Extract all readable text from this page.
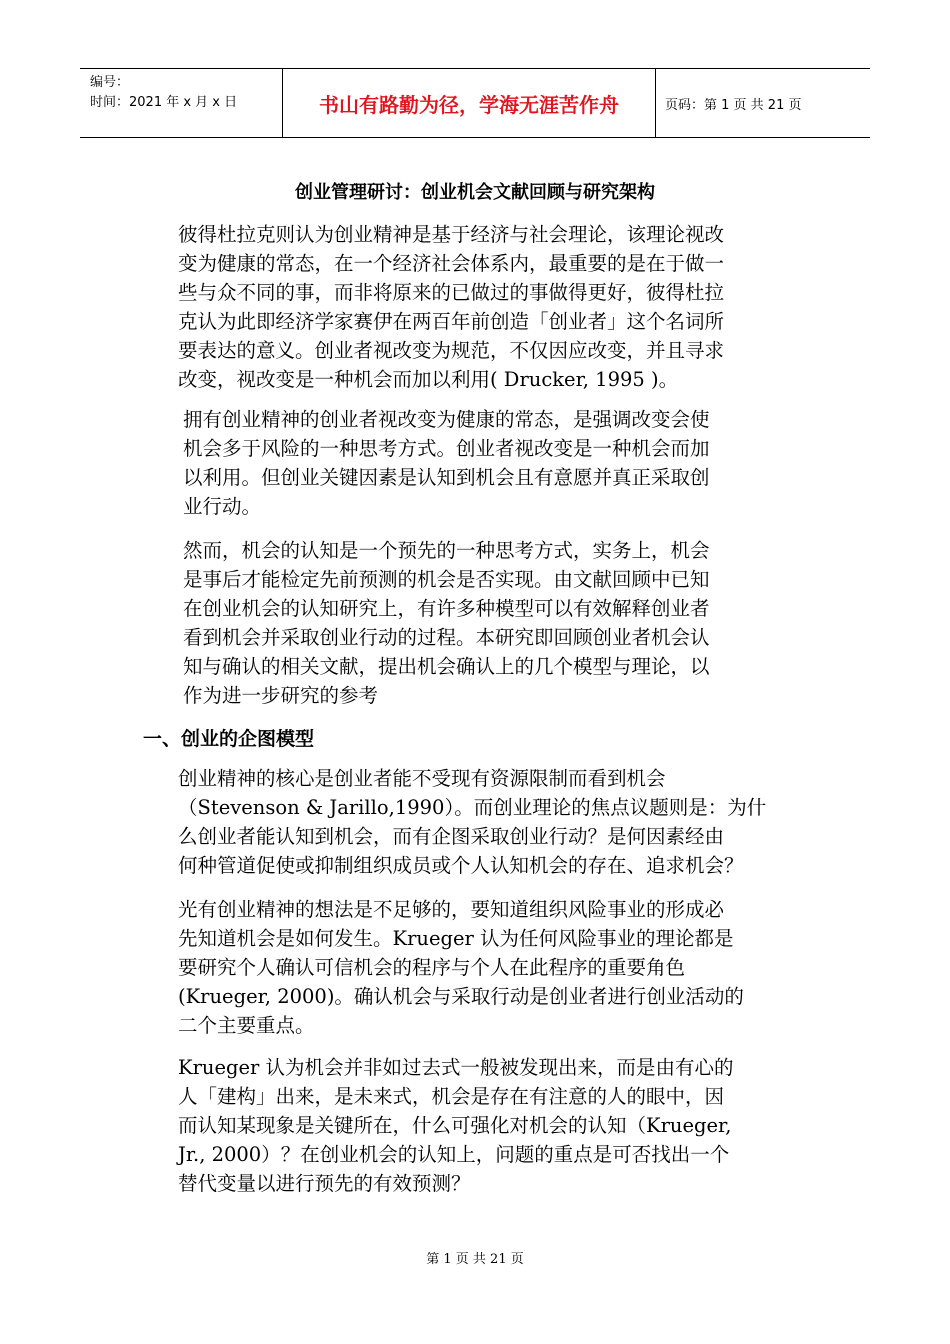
编号：
时间：2021 年 x 月 x 日	书山有路勤为径，学海无涯苦作舟	页码：第 1 页 共 21 页
创业管理研讨：创业机会文献回顾与研究架构
彼得杜拉克则认为创业精神是基于经济与社会理论，该理论视改
变为健康的常态，在一个经济社会体系内，最重要的是在于做一
些与众不同的事，而非将原来的已做过的事做得更好，彼得杜拉
克认为此即经济学家赛伊在两百年前创造「创业者」这个名词所
要表达的意义。创业者视改变为规范，不仅因应改变，并且寻求
改变，视改变是一种机会而加以利用( Drucker, 1995 )。
拥有创业精神的创业者视改变为健康的常态，是强调改变会使
机会多于风险的一种思考方式。创业者视改变是一种机会而加
以利用。但创业关键因素是认知到机会且有意愿并真正采取创
业行动。
然而，机会的认知是一个预先的一种思考方式，实务上，机会
是事后才能检定先前预测的机会是否实现。由文献回顾中已知
在创业机会的认知研究上，有许多种模型可以有效解释创业者
看到机会并采取创业行动的过程。本研究即回顾创业者机会认
知与确认的相关文献，提出机会确认上的几个模型与理论，以
作为进一步研究的参考
一、创业的企图模型
创业精神的核心是创业者能不受现有资源限制而看到机会
（Stevenson & Jarillo,1990）。而创业理论的焦点议题则是：为什
么创业者能认知到机会，而有企图采取创业行动？是何因素经由
何种管道促使或抑制组织成员或个人认知机会的存在、追求机会？
光有创业精神的想法是不足够的，要知道组织风险事业的形成必
先知道机会是如何发生。Krueger 认为任何风险事业的理论都是
要研究个人确认可信机会的程序与个人在此程序的重要角色
(Krueger, 2000)。确认机会与采取行动是创业者进行创业活动的
二个主要重点。
Krueger 认为机会并非如过去式一般被发现出来，而是由有心的
人「建构」出来，是未来式，机会是存在有注意的人的眼中，因
而认知某现象是关键所在，什么可强化对机会的认知（Krueger,
Jr., 2000）？在创业机会的认知上，问题的重点是可否找出一个
替代变量以进行预先的有效预测？
第 1 页 共 21 页
